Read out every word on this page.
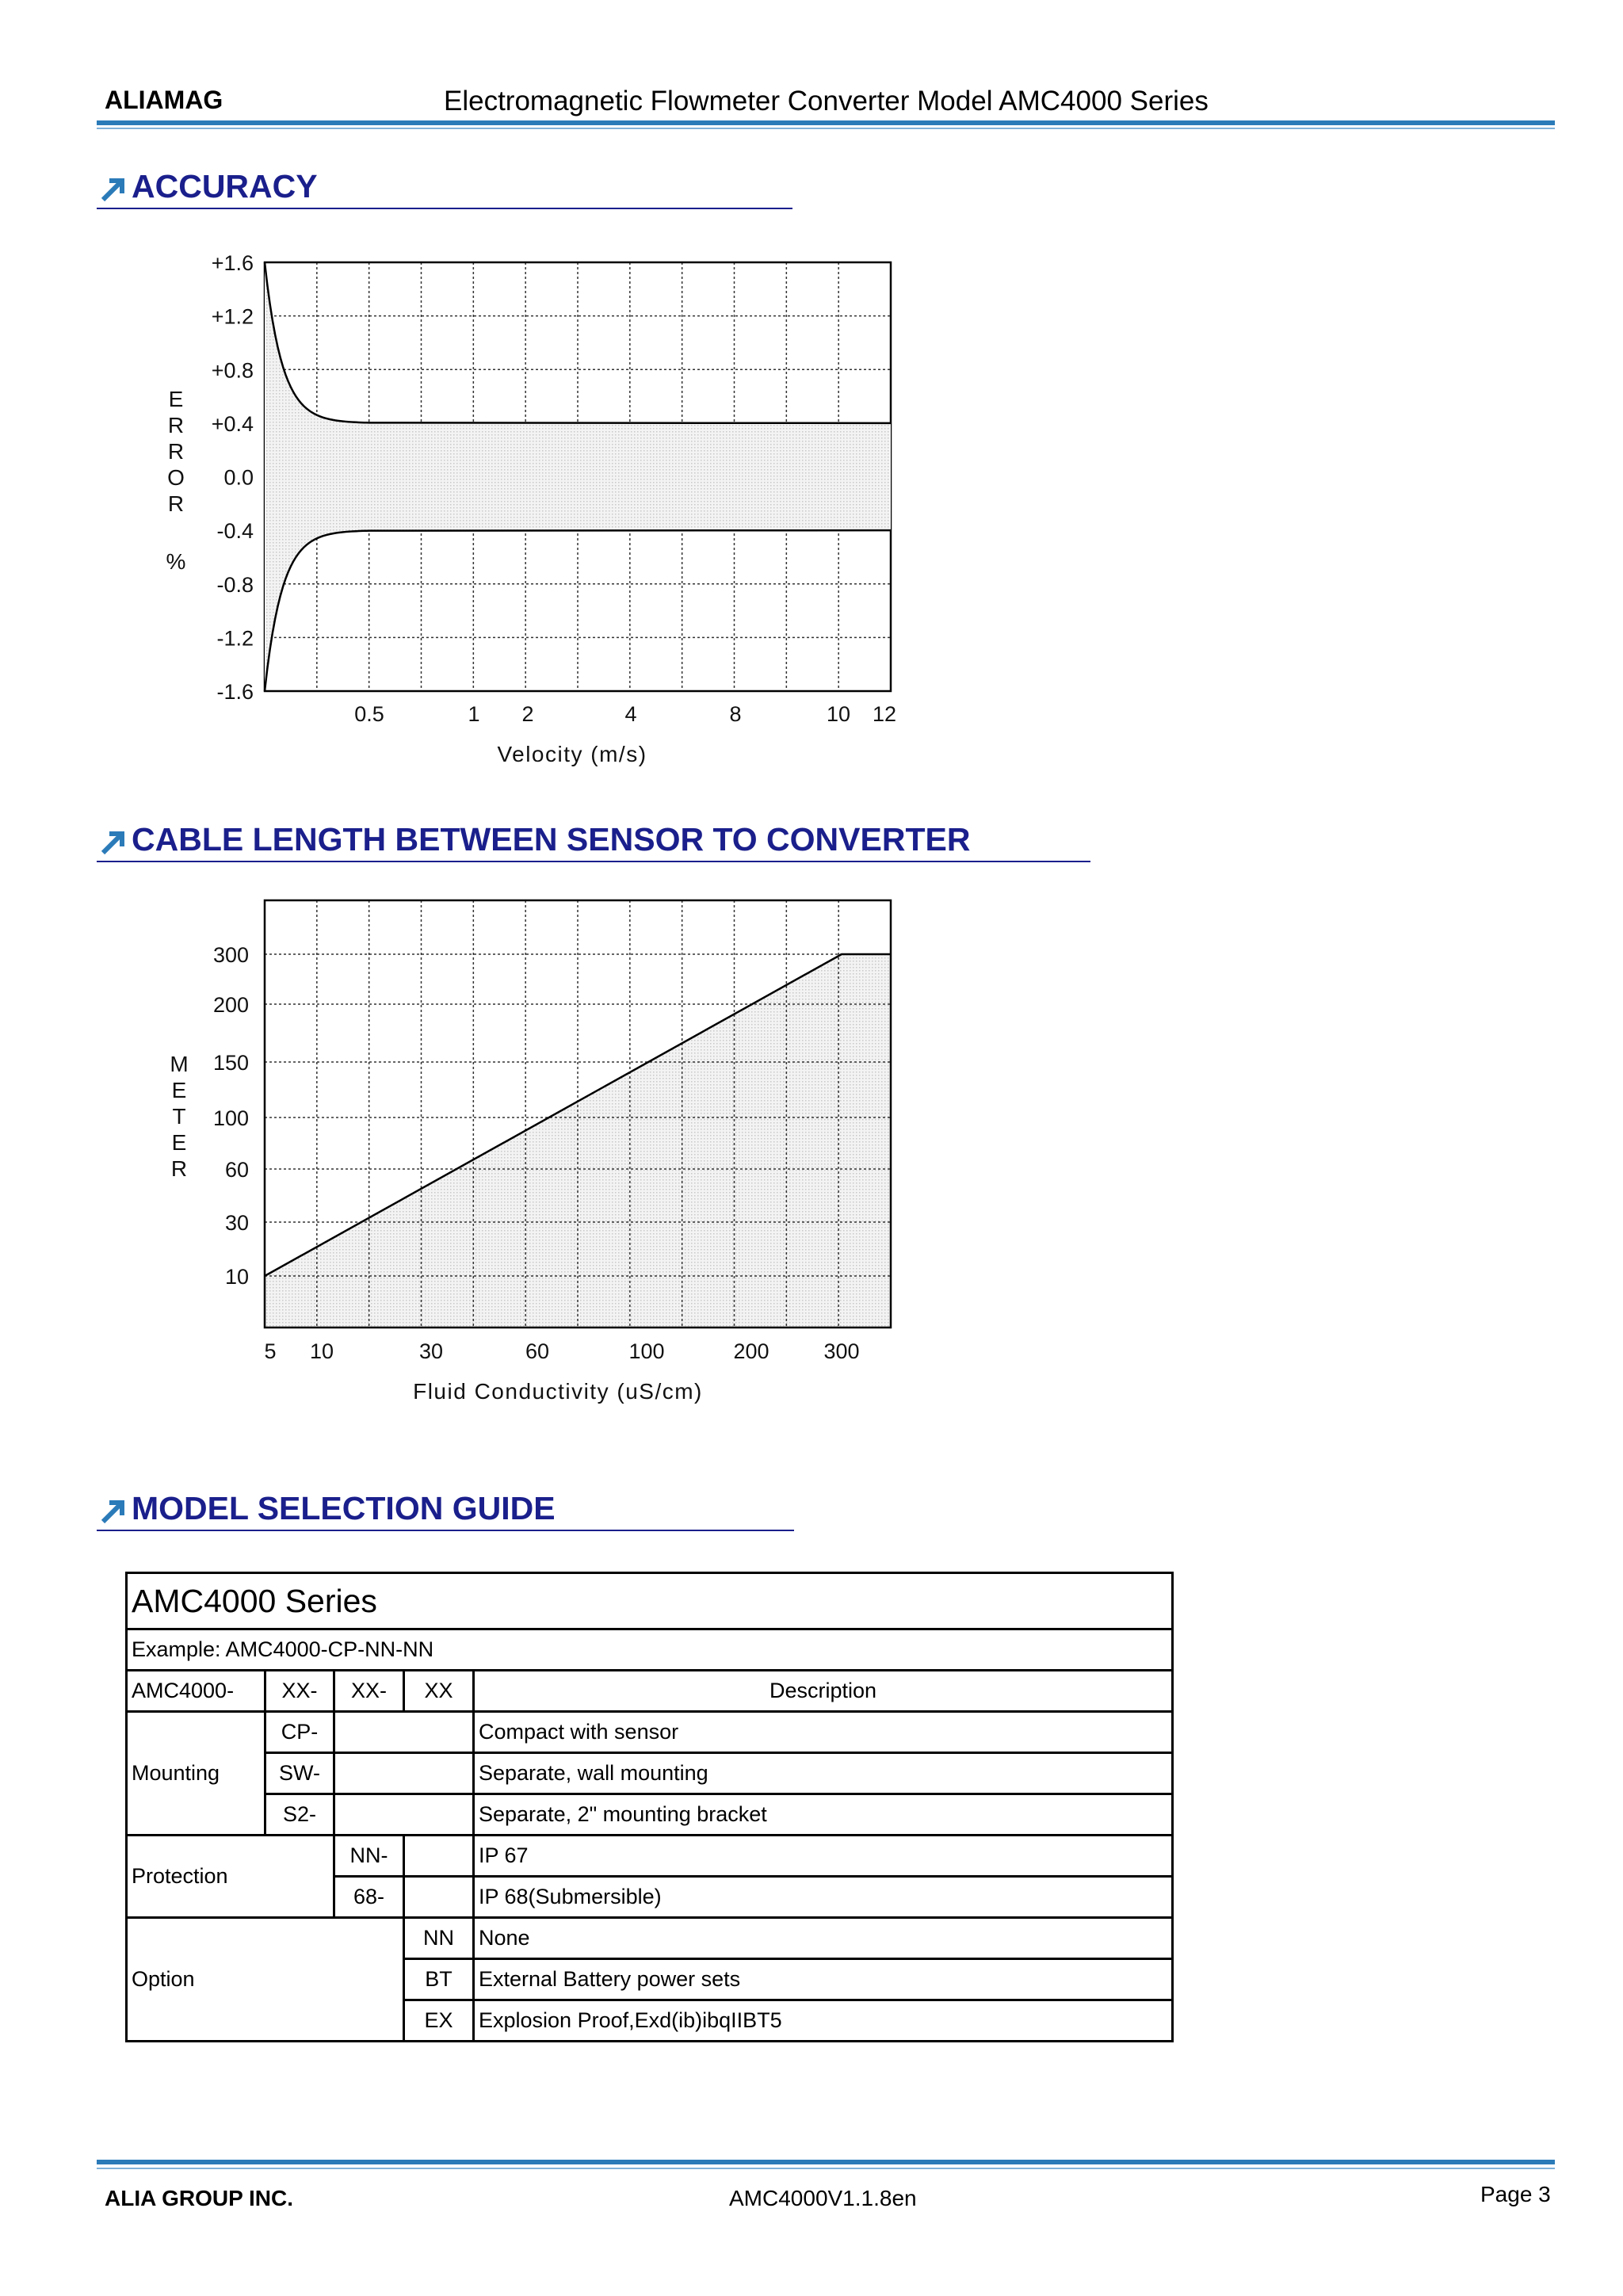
ALIAMAG	Electromagnetic Flowmeter Converter Model AMC4000 Series
ACCURACY
+1.6
+1.2
+0.8
+0.4
0.0
-0.4
-0.8
-1.2
-1.6
0.5	1 2	4	8	10 12
Velocity (m/s)
E
R
R
O
R
%
CABLE LENGTH BETWEEN SENSOR TO CONVERTER
300
200
150
100
60
30
10
5 10	30	60	100	200	300
Fluid Conductivity (uS/cm)
M
E
T
E
R
MODEL SELECTION GUIDE
AMC4000 Series				
Example: AMC4000-CP-NN-NN				
AMC4000-	XX-	XX-	XX	Description
Mounting	CP-			Compact with sensor
	SW-			Separate, wall mounting
	S2-			Separate, 2" mounting bracket
Protection		NN-		IP 67
		68-		IP 68(Submersible)
Option			NN	None
			BT	External Battery power sets
			EX	Explosion Proof,Exd(ib)ibqIIBT5
ALIA GROUP INC.	AMC4000V1.1.8en	Page 3
